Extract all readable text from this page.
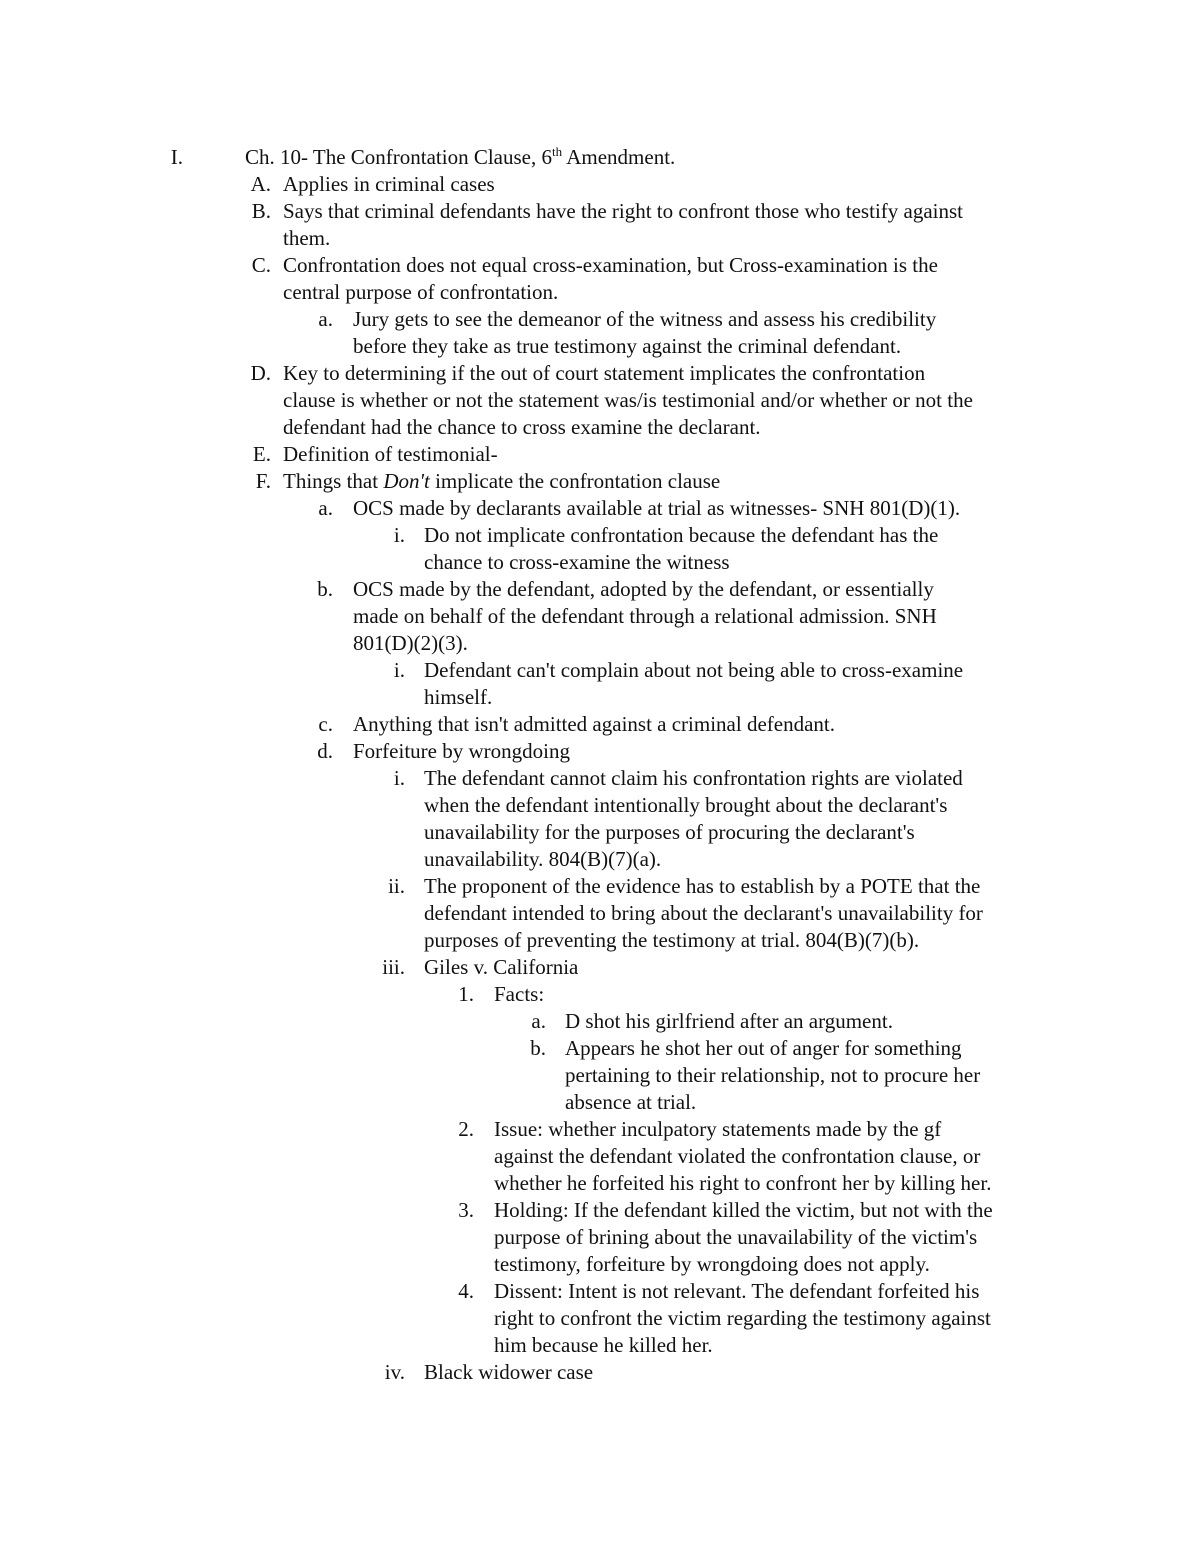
I.	Ch. 10- The Confrontation Clause, 6th Amendment.
A. Applies in criminal cases
B. Says that criminal defendants have the right to confront those who testify against
them.
C. Confrontation does not equal cross-examination, but Cross-examination is the
central purpose of confrontation.
a. Jury gets to see the demeanor of the witness and assess his credibility
before they take as true testimony against the criminal defendant.
D. Key to determining if the out of court statement implicates the confrontation
clause is whether or not the statement was/is testimonial and/or whether or not the
defendant had the chance to cross examine the declarant.
E. Definition of testimonial-
F. Things that Don't implicate the confrontation clause
a. OCS made by declarants available at trial as witnesses- SNH 801(D)(1).
i. Do not implicate confrontation because the defendant has the
chance to cross-examine the witness
b. OCS made by the defendant, adopted by the defendant, or essentially
made on behalf of the defendant through a relational admission. SNH
801(D)(2)(3).
i. Defendant can't complain about not being able to cross-examine
himself.
c. Anything that isn't admitted against a criminal defendant.
d. Forfeiture by wrongdoing
i. The defendant cannot claim his confrontation rights are violated
when the defendant intentionally brought about the declarant's
unavailability for the purposes of procuring the declarant's
unavailability. 804(B)(7)(a).
ii. The proponent of the evidence has to establish by a POTE that the
defendant intended to bring about the declarant's unavailability for
purposes of preventing the testimony at trial. 804(B)(7)(b).
iii. Giles v. California
1. Facts:
a. D shot his girlfriend after an argument.
b. Appears he shot her out of anger for something
pertaining to their relationship, not to procure her
absence at trial.
2. Issue: whether inculpatory statements made by the gf
against the defendant violated the confrontation clause, or
whether he forfeited his right to confront her by killing her.
3. Holding: If the defendant killed the victim, but not with the
purpose of brining about the unavailability of the victim's
testimony, forfeiture by wrongdoing does not apply.
4. Dissent: Intent is not relevant. The defendant forfeited his
right to confront the victim regarding the testimony against
him because he killed her.
iv. Black widower case
